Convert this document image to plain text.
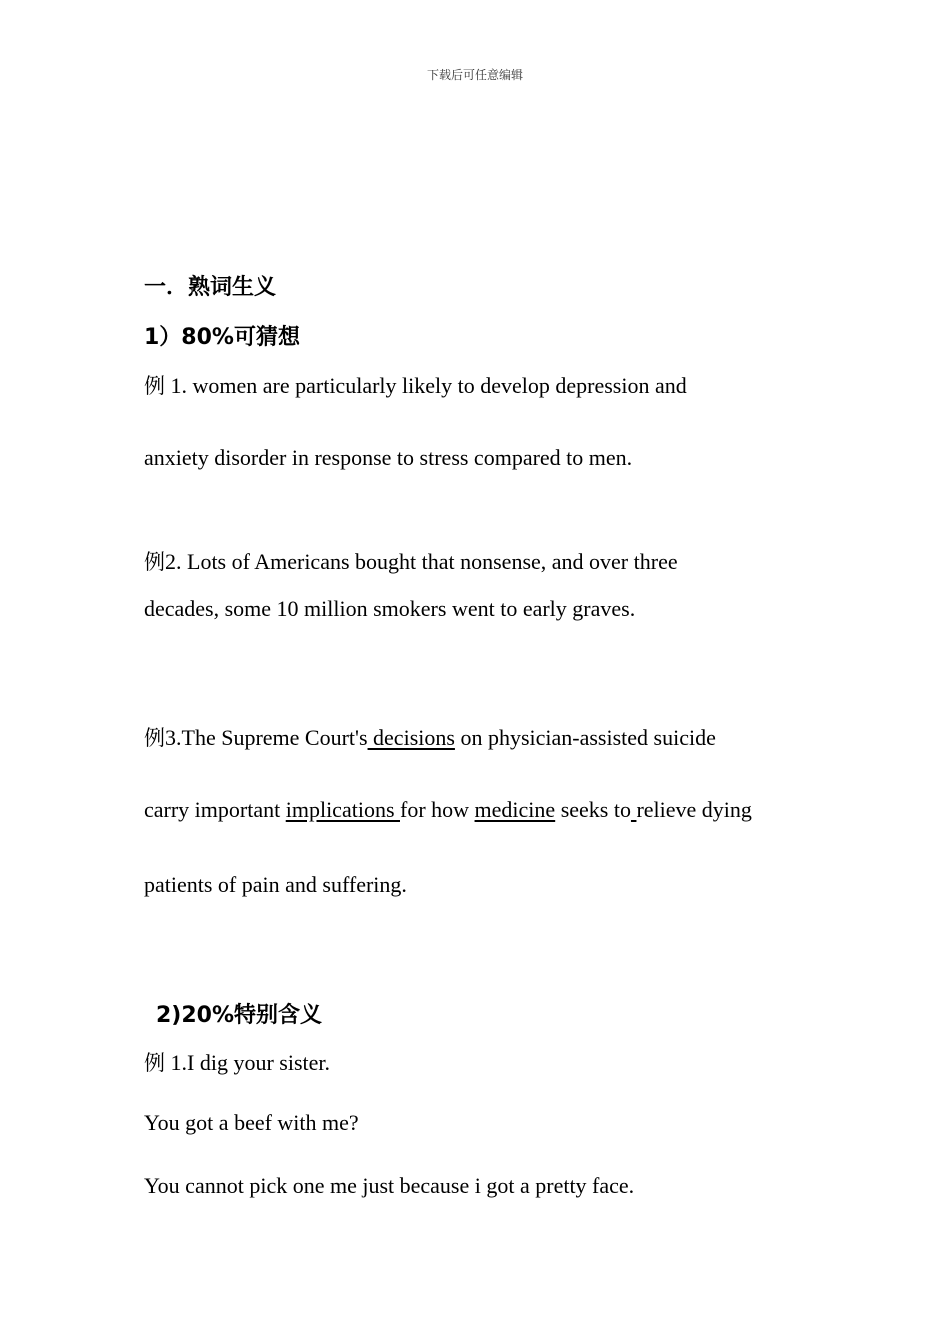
下载后可任意编辑
一．熟词生义
1）80%可猜想
例 1. women are particularly likely to develop depression and
anxiety disorder in response to stress compared to men.
例2. Lots of Americans bought that nonsense, and over three
decades, some 10 million smokers went to early graves.
例3.The Supreme Court's decisions on physician-assisted suicide
carry important implications for how medicine seeks to relieve dying
patients of pain and suffering.
2)20%特别含义
例 1.I dig your sister.
You got a beef with me?
You cannot pick one me just because i got a pretty face.
